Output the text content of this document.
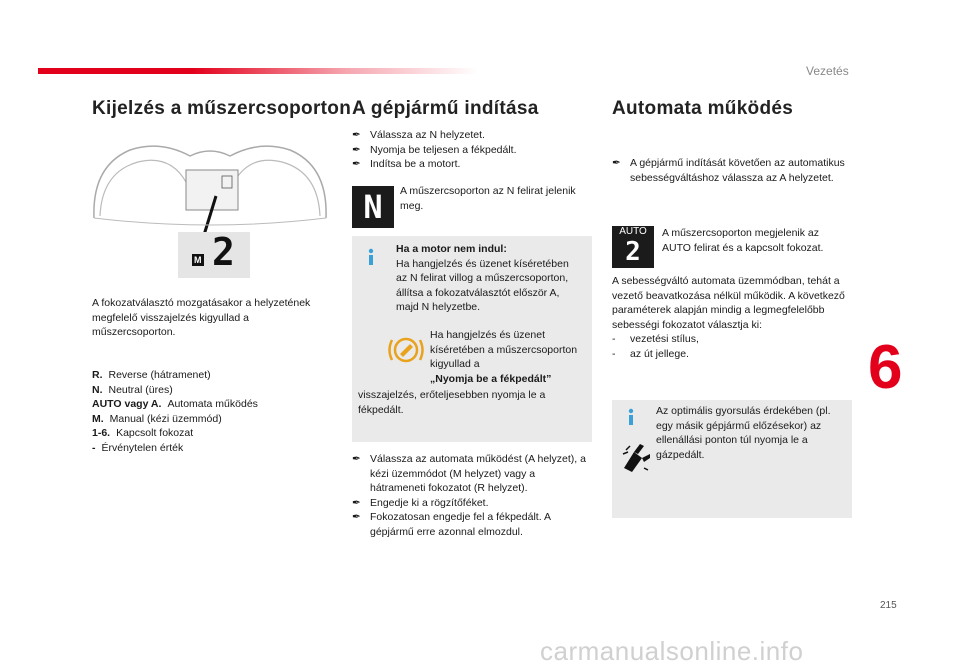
Vezetés
6
215
carmanualsonline.info
Kijelzés a műszercsoporton
M 2
A fokozatválasztó mozgatásakor a helyzetének megfelelő visszajelzés kigyullad a műszercsoporton.
R. Reverse (hátramenet)
N. Neutral (üres)
AUTO vagy A. Automata működés
M. Manual (kézi üzemmód)
1-6. Kapcsolt fokozat
- Érvénytelen érték
A gépjármű indítása
✒ Válassza az N helyzetet.
✒ Nyomja be teljesen a fékpedált.
✒ Indítsa be a motort.
N	A műszercsoporton az N felirat jelenik meg.
Ha a motor nem indul:
Ha hangjelzés és üzenet kíséretében az N felirat villog a műszercsoporton, állítsa a fokozatválasztót először A, majd N helyzetbe.
Ha hangjelzés és üzenet kíséretében a műszercsoporton kigyullad a
„Nyomja be a fékpedált”
visszajelzés, erőteljesebben nyomja le a fékpedált.
✒ Válassza az automata működést (A helyzet), a kézi üzemmódot (M helyzet) vagy a hátrameneti fokozatot (R helyzet).
✒ Engedje ki a rögzítőféket.
✒ Fokozatosan engedje fel a fékpedált. A gépjármű erre azonnal elmozdul.
Automata működés
✒ A gépjármű indítását követően az automatikus sebességváltáshoz válassza az A helyzetet.
AUTO
2
A műszercsoporton megjelenik az AUTO felirat és a kapcsolt fokozat.
A sebességváltó automata üzemmódban, tehát a vezető beavatkozása nélkül működik. A következő paraméterek alapján mindig a legmegfelelőbb sebességi fokozatot választja ki:
-	vezetési stílus,
-	az út jellege.
Az optimális gyorsulás érdekében (pl. egy másik gépjármű előzésekor) az ellenállási ponton túl nyomja le a gázpedált.
